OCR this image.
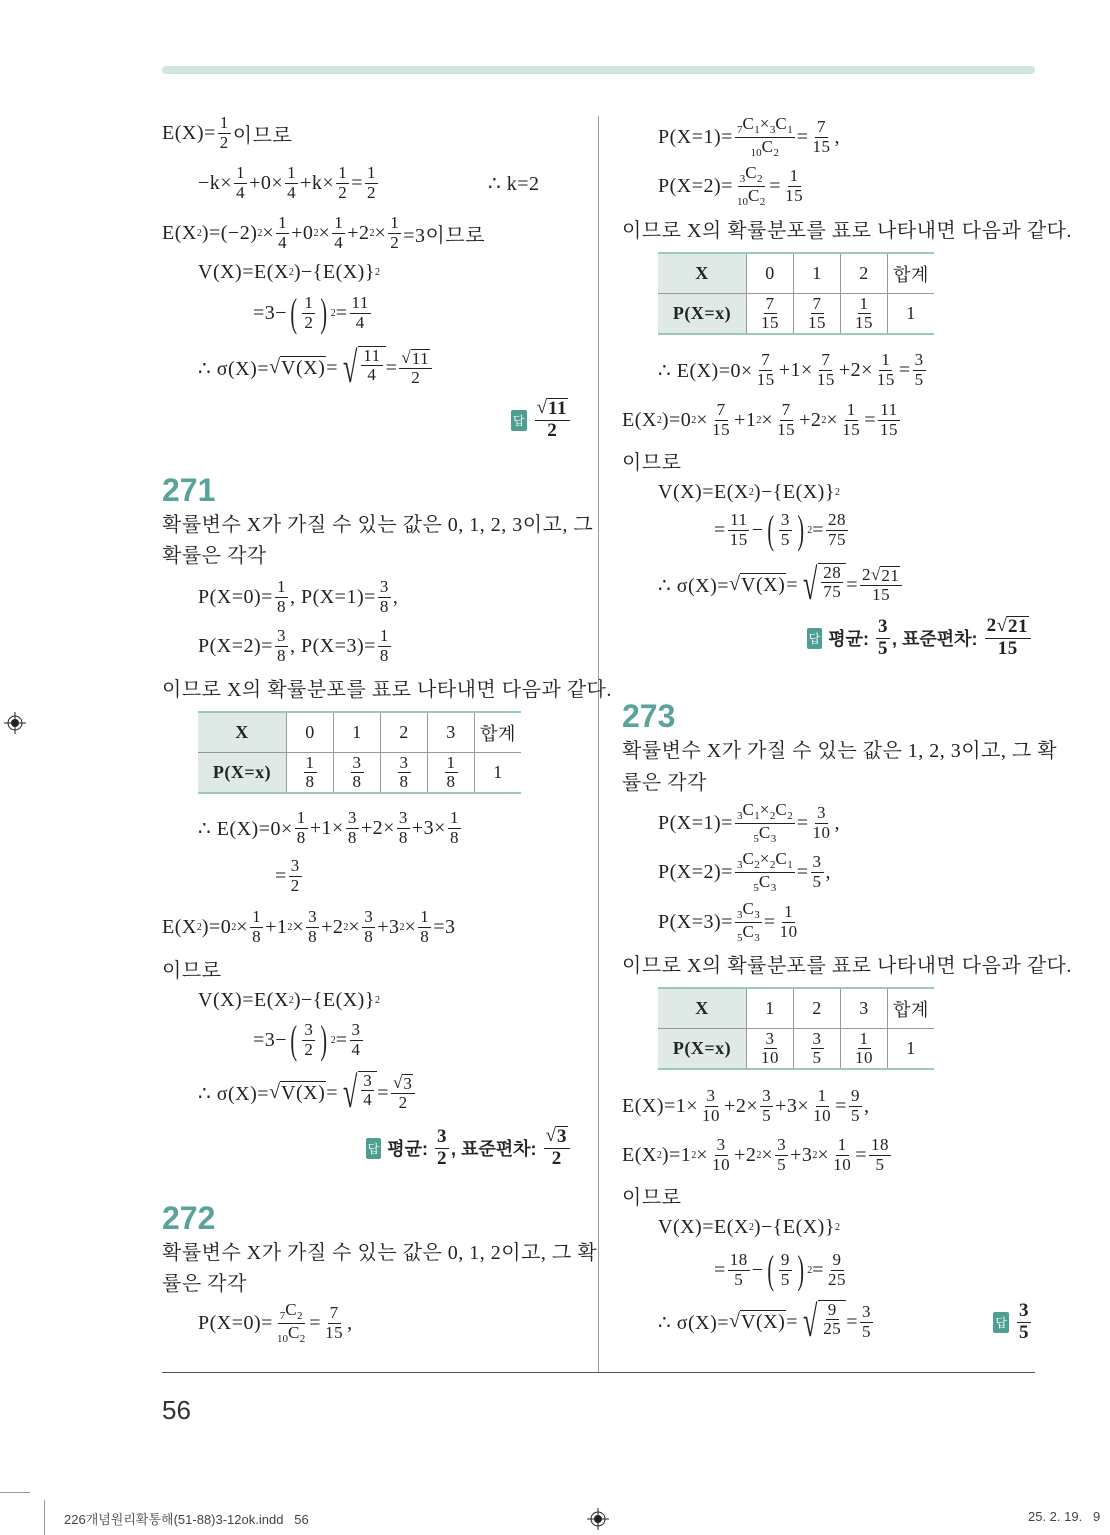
$E(X)= \frac{1}{2}$ 이므로
$-k\times \frac{1}{4} +0\times \frac{1}{4} +k\times \frac{1}{2} = \frac{1}{2}$	∴ k=2
E(X 2 )=(−2) $2 \times \frac{1}{4} +0$ $2 \times \frac{1}{4} +2$ $2 \times \frac{1}{2} =3$이므로
V(X)=E(X 2 )−{E(X)} 2
=3− ( $\frac{1}{2}$ ) $2 = \frac{11}{4}$
∴ σ(X)= √ V(X) = √ $\frac{11}{4} = \frac{√ 11}{2}$
답 $\frac{√ 11}{2}$
271
확률변수 X가 가질 수 있는 값은 0, 1, 2, 3이고, 그
확률은 각각
$P(X=0)= \frac{1}{8}$ , $P(X=1)= \frac{3}{8}$ ,
$P(X=2)= \frac{3}{8}$ , $P(X=3)= \frac{1}{8}$
이므로 X의 확률분포를 표로 나타내면 다음과 같다.
X	0	1	2	3	합계
P(X=x)	$\frac{1}{8}$	$\frac{3}{8}$	$\frac{3}{8}$	$\frac{1}{8}$	1
∴ $E(X)=0\times \frac{1}{8} +1\times \frac{3}{8} +2\times \frac{3}{8} +3\times \frac{1}{8}$
= $\frac{3}{2}$
E(X 2 )=0 $2 \times \frac{1}{8} +1$ $2 \times \frac{3}{8} +2$ $2 \times \frac{3}{8} +3$ $2 \times \frac{1}{8} =3$
이므로
V(X)=E(X 2 )−{E(X)} 2
=3− ( $\frac{3}{2}$ ) $2 = \frac{3}{4}$
∴ σ(X)= √ V(X) = √ $\frac{3}{4} = \frac{√ 3}{2}$
답 평균: $\frac{3}{2}$ , 표준편차: $\frac{√ 3}{2}$
272
확률변수 X가 가질 수 있는 값은 0, 1, 2이고, 그 확
률은 각각
$P(X=0)= \frac{_7C_2}{_{10}C_2} = \frac{7}{15}$ ,
$P(X=1)= \frac{_7C_1\times_3C_1}{_{10}C_2} = \frac{7}{15}$ ,
$P(X=2)= \frac{_3C_2}{_{10}C_2} = \frac{1}{15}$
이므로 X의 확률분포를 표로 나타내면 다음과 같다.
X	0	1	2	합계
P(X=x)	$\frac{7}{15}$	$\frac{7}{15}$	$\frac{1}{15}$	1
∴ $E(X)=0\times \frac{7}{15} +1\times \frac{7}{15} +2\times \frac{1}{15} = \frac{3}{5}$
E(X 2 )=0 $2 \times \frac{7}{15} +1$ $2 \times \frac{7}{15} +2$ $2 \times \frac{1}{15} = \frac{11}{15}$
이므로
V(X)=E(X 2 )−{E(X)} 2
= $\frac{11}{15}$ − ( $\frac{3}{5}$ ) $2 = \frac{28}{75}$
∴ σ(X)= √ V(X) = √ $\frac{28}{75} = \frac{2 √ 21}{15}$
답 평균: $\frac{3}{5}$ , 표준편차: $\frac{2 √ 21}{15}$
273
확률변수 X가 가질 수 있는 값은 1, 2, 3이고, 그 확
률은 각각
$P(X=1)= \frac{_3C_1\times_2C_2}{_5C_3} = \frac{3}{10}$ ,
$P(X=2)= \frac{_3C_2\times_2C_1}{_5C_3} = \frac{3}{5}$ ,
$P(X=3)= \frac{_3C_3}{_5C_3} = \frac{1}{10}$
이므로 X의 확률분포를 표로 나타내면 다음과 같다.
X	1	2	3	합계
P(X=x)	$\frac{3}{10}$	$\frac{3}{5}$	$\frac{1}{10}$	1
$E(X)=1\times \frac{3}{10} +2\times \frac{3}{5} +3\times \frac{1}{10} = \frac{9}{5}$ ,
E(X 2 )=1 $2 \times \frac{3}{10} +2$ $2 \times \frac{3}{5} +3$ $2 \times \frac{1}{10} = \frac{18}{5}$
이므로
V(X)=E(X 2 )−{E(X)} 2
= $\frac{18}{5}$ − ( $\frac{9}{5}$ ) $2 = \frac{9}{25}$
∴ σ(X)= √ V(X) = √ $\frac{9}{25} = \frac{3}{5}$	답 $\frac{3}{5}$
56
226개념원리확통해(51-88)3-12ok.indd   56	25. 2. 19.   9
